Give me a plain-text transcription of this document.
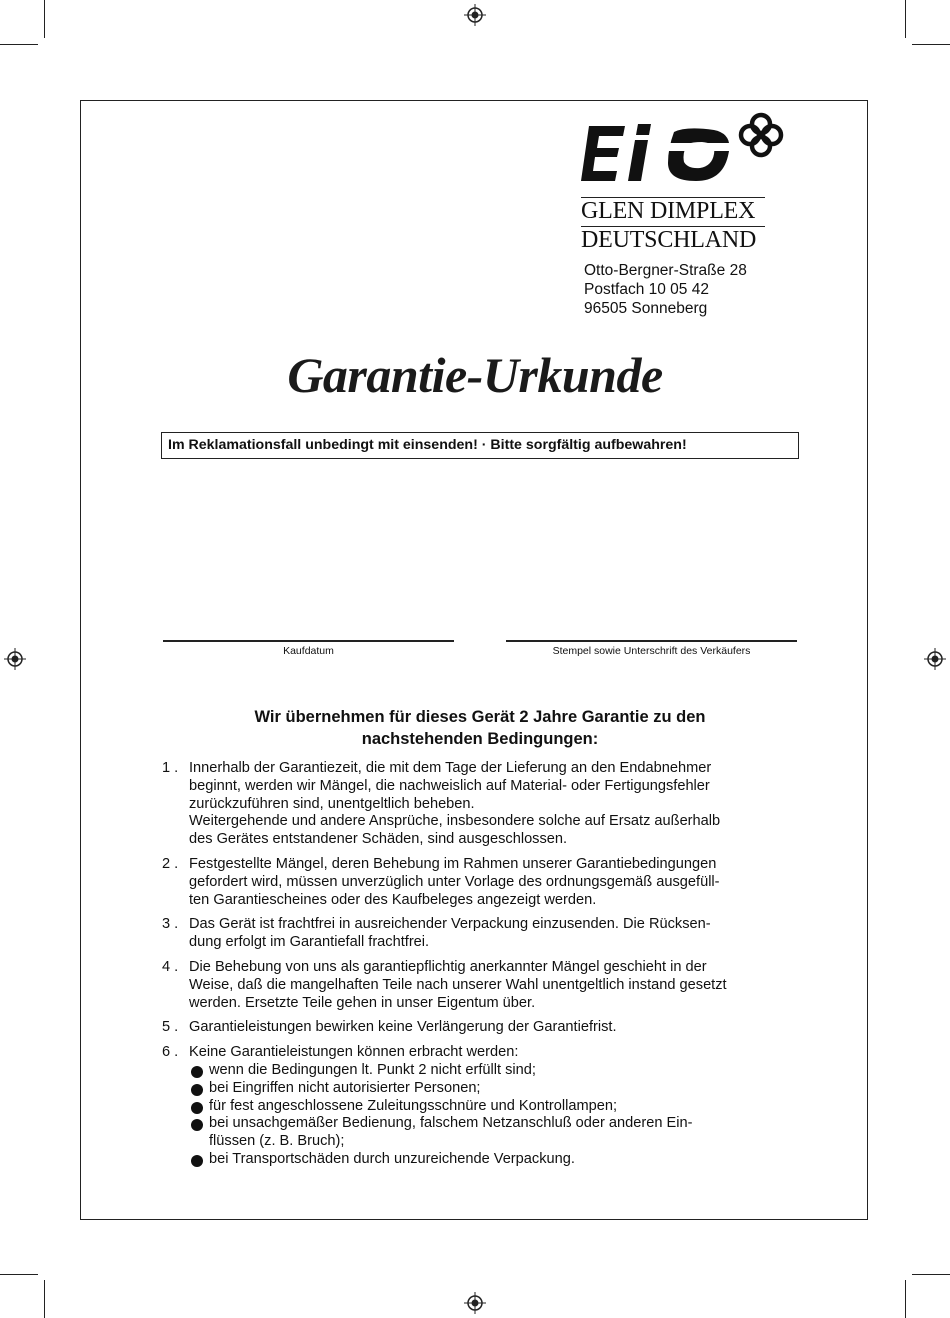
GLEN DIMPLEX
DEUTSCHLAND
Otto-Bergner-Straße 28
Postfach 10 05 42
96505 Sonneberg
Garantie-Urkunde
Im Reklamationsfall unbedingt mit einsenden! · Bitte sorgfältig aufbewahren!
Kaufdatum	Stempel sowie Unterschrift des Verkäufers
Wir übernehmen für dieses Gerät 2 Jahre Garantie zu den
nachstehenden Bedingungen:
1 . Innerhalb der Garantiezeit, die mit dem Tage der Lieferung an den Endabnehmer
beginnt, werden wir Mängel, die nachweislich auf Material- oder Fertigungsfehler
zurückzuführen sind, unentgeltlich beheben.
Weitergehende und andere Ansprüche, insbesondere solche auf Ersatz außerhalb
des Gerätes entstandener Schäden, sind ausgeschlossen.
2 . Festgestellte Mängel, deren Behebung im Rahmen unserer Garantiebedingungen
gefordert wird, müssen unverzüglich unter Vorlage des ordnungsgemäß ausgefüll-
ten Garantiescheines oder des Kaufbeleges angezeigt werden.
3 . Das Gerät ist frachtfrei in ausreichender Verpackung einzusenden. Die Rücksen-
dung erfolgt im Garantiefall frachtfrei.
4 . Die Behebung von uns als garantiepflichtig anerkannter Mängel geschieht in der
Weise, daß die mangelhaften Teile nach unserer Wahl unentgeltlich instand gesetzt
werden. Ersetzte Teile gehen in unser Eigentum über.
5 . Garantieleistungen bewirken keine Verlängerung der Garantiefrist.
6 . Keine Garantieleistungen können erbracht werden:
wenn die Bedingungen lt. Punkt 2 nicht erfüllt sind;
bei Eingriffen nicht autorisierter Personen;
für fest angeschlossene Zuleitungsschnüre und Kontrollampen;
bei unsachgemäßer Bedienung, falschem Netzanschluß oder anderen Ein-
flüssen (z. B. Bruch);
bei Transportschäden durch unzureichende Verpackung.
